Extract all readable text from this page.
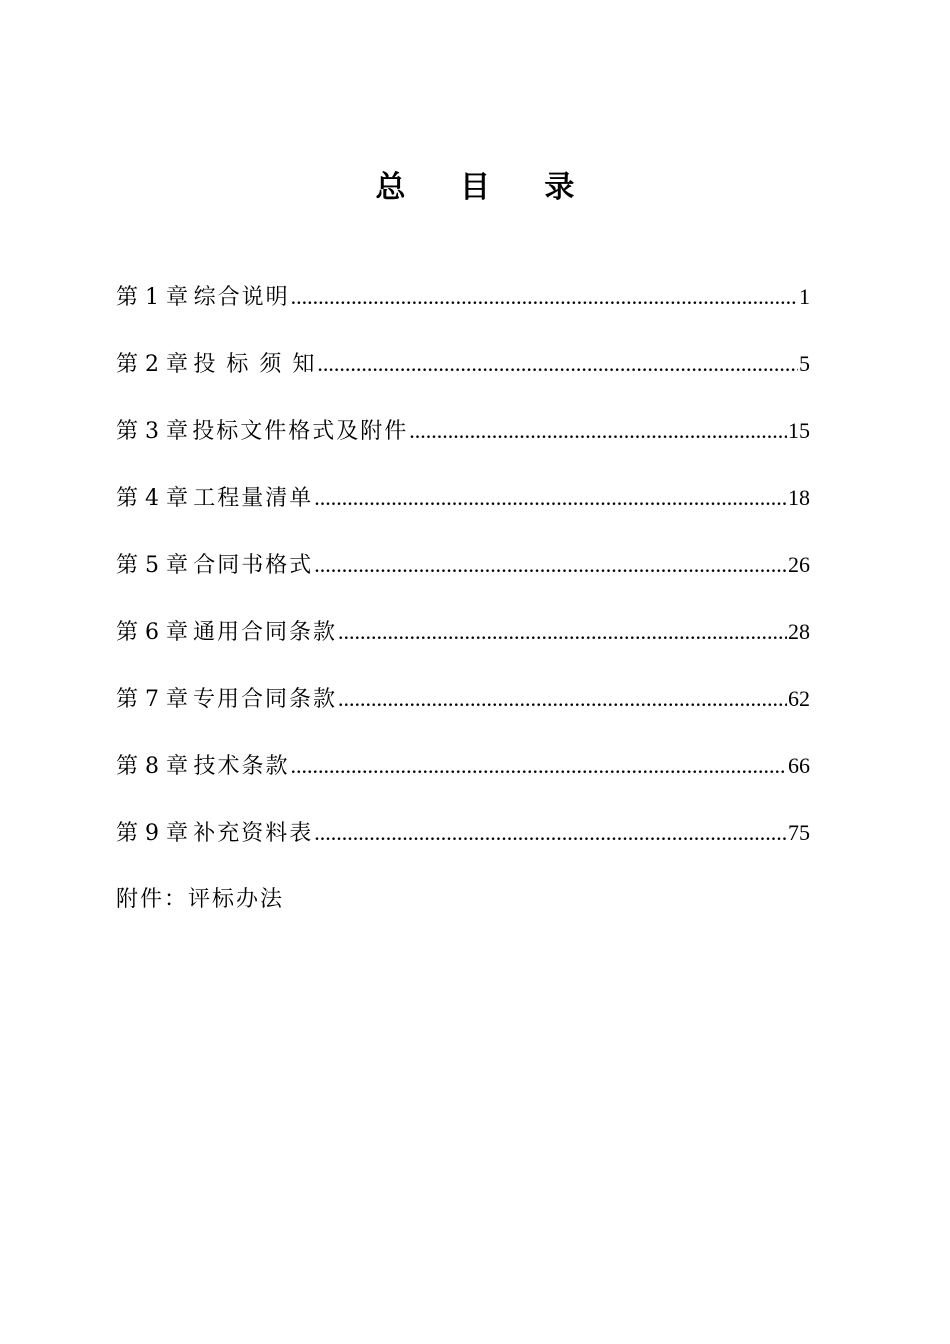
总 目 录
第 1 章 综合说明 .....	1
第 2 章 投 标 须 知 .....	5
第 3 章 投标文件格式及附件 .....	15
第 4 章 工程量清单 .....	18
第 5 章 合同书格式 .....	26
第 6 章 通用合同条款 .....	28
第 7 章 专用合同条款 .....	62
第 8 章 技术条款 .....	66
第 9 章 补充资料表 .....	75
附件：评标办法
